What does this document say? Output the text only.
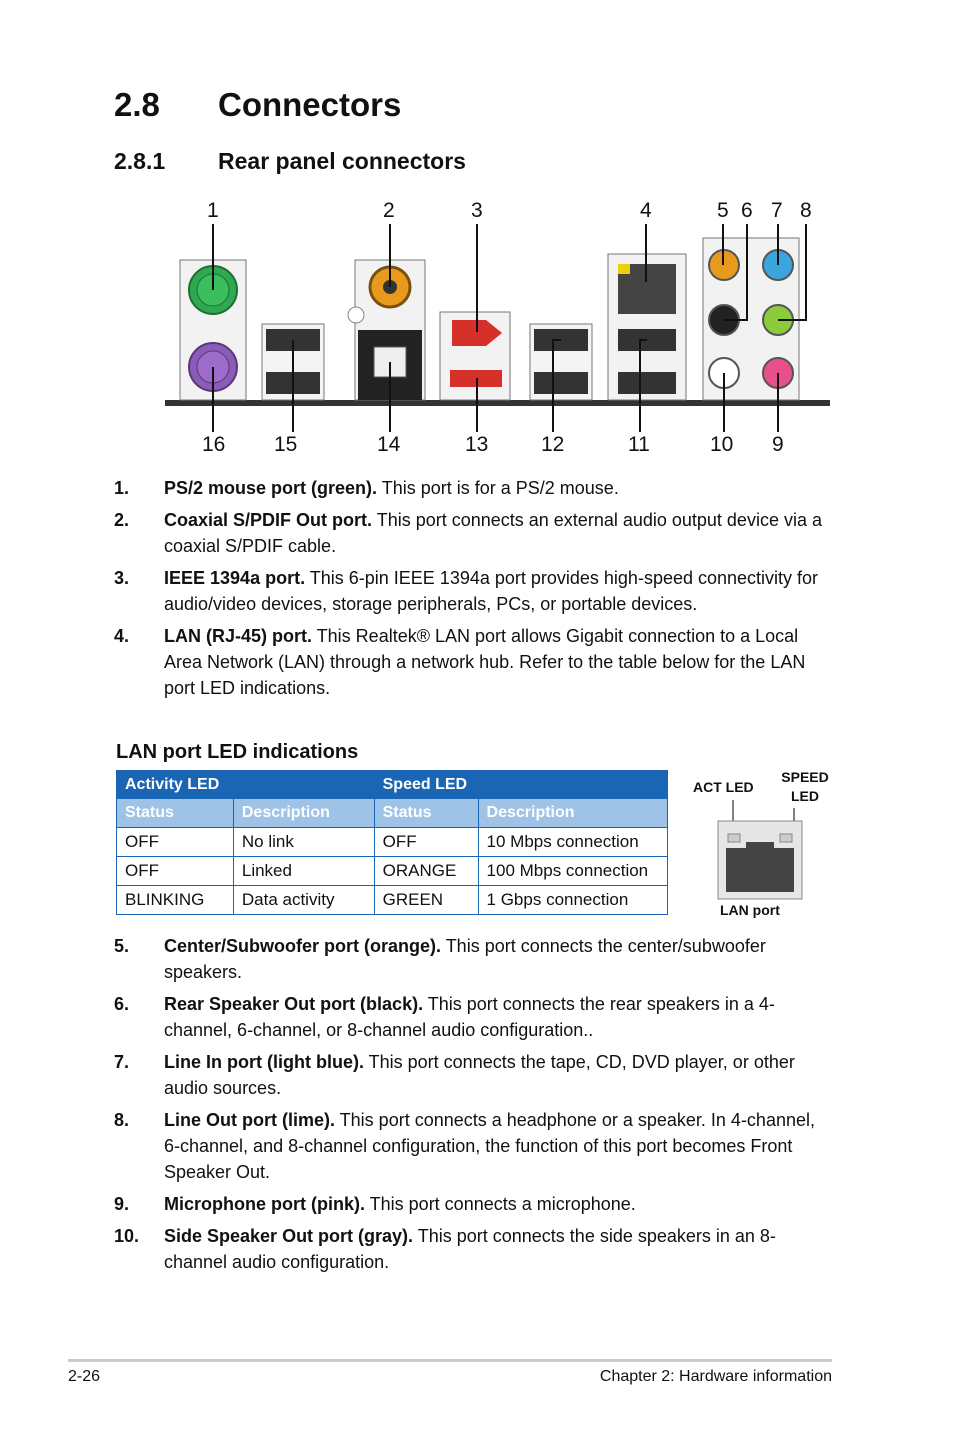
2.8 Connectors
2.8.1 Rear panel connectors
1	2	3	4	5 6 7 8
16 15	14	13	12	11	10 9
1.	PS/2 mouse port (green). This port is for a PS/2 mouse.
2.	Coaxial S/PDIF Out port. This port connects an external audio output device via a coaxial S/PDIF cable.
3.	IEEE 1394a port. This 6-pin IEEE 1394a port provides high-speed connectivity for audio/video devices, storage peripherals, PCs, or portable devices.
4.	LAN (RJ-45) port. This Realtek® LAN port allows Gigabit connection to a Local Area Network (LAN) through a network hub. Refer to the table below for the LAN port LED indications.
LAN port LED indications
Activity LED		Speed LED	
Status	Description	Status	Description
OFF	No link	OFF	10 Mbps connection
OFF	Linked	ORANGE	100 Mbps connection
BLINKING	Data activity	GREEN	1 Gbps connection
ACT LED
SPEED
LED
LAN port
5.	Center/Subwoofer port (orange). This port connects the center/subwoofer speakers.
6.	Rear Speaker Out port (black). This port connects the rear speakers in a 4-channel, 6-channel, or 8-channel audio configuration..
7.	Line In port (light blue). This port connects the tape, CD, DVD player, or other audio sources.
8.	Line Out port (lime). This port connects a headphone or a speaker. In 4-channel, 6-channel, and 8-channel configuration, the function of this port becomes Front Speaker Out.
9.	Microphone port (pink). This port connects a microphone.
10.	Side Speaker Out port (gray). This port connects the side speakers in an 8-channel audio configuration.
2-26	Chapter 2: Hardware information
